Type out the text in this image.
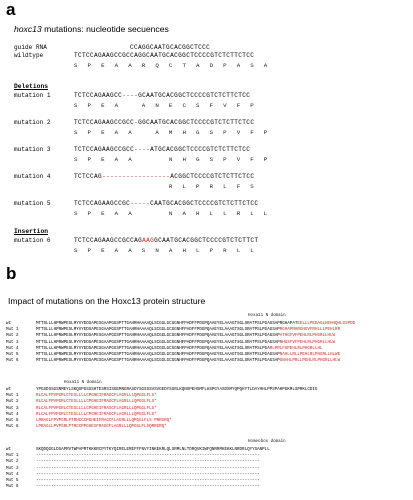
a
hoxc13 mutations: nucleotide secuences
guide RNA	CCAGGCAATGCACGGCTCCC
wildtype	TCTCCAGAAGCCGCCAGGCAATGCACGGCTCCCCGTCTCTTCTCC
S P E A A R Q C T A D P A S A
Deletions
mutation 1	TCTCCAGAAGCC----GCAATGCACGGCTCCCCGTCTCTTCTCC
S P E A   A N E C S F V F P
mutation 2	TCTCCAGAAGCCGCC-GGCAATGCACGGCTCCCCGTCTCTTCTCC
S P E A A   A M H G S P V F P
mutation 3	TCTCCAGAAGCCGCC----ATGCACGGCTCCCCGTCTCTTCTCC
S P E A A     N H G S P V F P
mutation 4	TCTCCAG-----------------ACGGCTCCCCGTCTCTTCTCC
R L P R L F S
mutation 5	TCTCCAGAAGCCGC-----CAATGCACGGCTCCCCGTCTCTTCTCC
S P E A A     N A H L L R L L
Insertion
mutation 6	TCTCCAGAAGCCGCCAGAAGGCAATGCACGGCTCCCCGTCTCTTCT
S P E A A S N A H L P R L L
b
Impact of mutations on the Hoxc13 protein structure
Hoxa11 N domain
Hoxa11 N domain
Homeobox domain
wt	MTTSLLLHPRWPESLMYVYEDSAPESGAAPGGSPTTGAHRHAAAAQLSCGGLGCGGNHFPADFFPDGPQAAEYELAAAGTSGLSRATPSLPGAGSAPRGHAPATEELLLPEDAGLHEHHQHLGSPDD
Mut 1	MTTSLLLHPRWPESLMYVYEDSAPESGAAPGGSPTTGAHRHAAAAQLSCGGLGCGGNHFPADFFPDGPQAAEYELAAAGTSGLSRATPSLPGAGSAPRGHAPRHRGHGVFRHLLLPEHLRR
Mut 2	MTTSLLLHPRWPESLMYVYEDSAPESGAAPGGSPTTGAHRHAAAAQLSCGGLGCGGNHFPADFFPDGPQAAEYELAAAGTSGLSRATPSLPGAGSAPATHGFVFPEHLRLPHGRLLHLW
Mut 3	MTTSLLLHPRWPESLMYVYEDSAPESGAAPGGSPTTGAHRHAAAAQLSCGGLGCGGNHFPADFFPDGPQAAEYELAAAGTSGLSRATPSLPGAGSAPNHGSFVFPEHLRLPHGRLLHLW
Mut 4	MTTSLLLHPRWPESLMYVYEDSAPESGAAPGGSPTTGAHRHAAAAQLSCGGLGCGGNHFPADFFPDGPQAAEYELAAAGTSGLSRATPSLPGARLPRLFSPEHLRLPHGRLLHL
Mut 5	MTTSLLLHPRWPESLMYVYEDSAPESGAAPGGSPTTGAHRHAAAAQLSCGGLGCGGNHFPADFFPDGPQAAEYELAAAGTSGLSRATPSLPGAGSAPNAHLLRLLPEHLRLPHGRLLHLWE
Mut 6	MTTSLLLHPRWPESLMYVYEDSAPESGAAPGGSPTTGAHRHAAAAQLSCGGLGCGGNHFPADFFPDGPQAAEYELAAAGTSGLSRATPSLPGAGSAPSNAHLPRLLPEHLRLPHGRLLHLW
wt	YPGSDSSGSNMEYLSKQSPGSSSHTESRSISGEMNGRASDYSGSSSVSVGEDYSSRLKQNSPEHSMFLHSPGYASDSMYQPQHYTLDAYHHLPPSPAHPGKMLSPRKLCDIG
Mut 1	RLCALFPVPGRLCTESLLLLCPGHEIFRAGCFLAGRLLLQPGGLFLS*
Mut 2	RLCALFPVPGRLCTESLLLLCPGHEIFRAGCFLAGRLLLQPGGLFLS*
Mut 3	RLCALFPVPGRLCTESLLLLCPGHEIFRAGCFLAGRLLLQPGGLFLS*
Mut 4	RLCALFPVPGRLCTESLLLLCPGHEIFRAGCFLAGRLLLQPGGLFLS*
Mut 5	LRRAGLFPVPGRLPTRHCCCPGHEIFRAGCFLAGRLLLQPGGLFLS PRRGRQ*
Mut 6	LPRAGLLPVPGRLPTRCCPPGHEIFRAGCFLAGRLLLQPGGLFLSQRRGRQ*
wt	SKQDQGGLDSAPRVTWPAPRTKKKRCPYTKYQIRELEREFFFNVYINKEKRLQLSRMLNLTDRQVKIWFQNRRMKEKKLNRDRLQYYSANPLL
Mut 1	-----------------------------------------------------------------------------------------
Mut 2	-----------------------------------------------------------------------------------------
Mut 3	-----------------------------------------------------------------------------------------
Mut 4	-----------------------------------------------------------------------------------------
Mut 5	-----------------------------------------------------------------------------------------
Mut 6	-----------------------------------------------------------------------------------------
